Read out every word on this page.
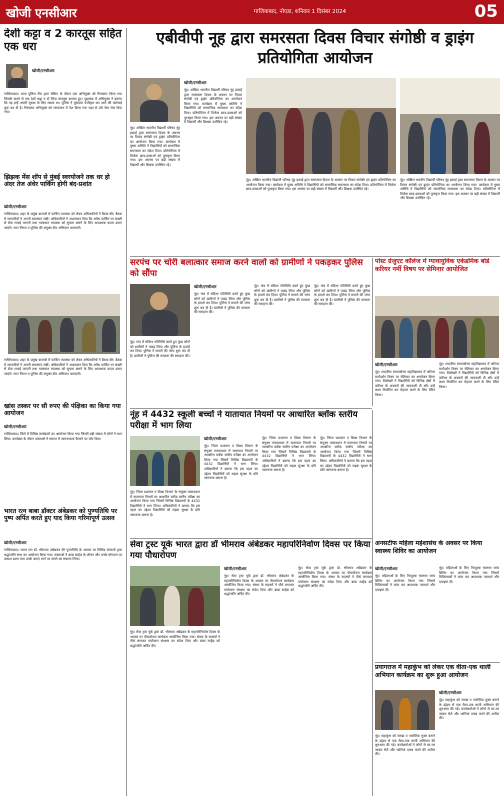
खोजी एनसीआर	गाजियाबाद, नोएडा, शनिवार 1 दिसंबर 2024	05
देशी कट्टा व 2 कारतूस सहित एक धरा
खोजी/एनसीआर
गाजियाबाद। थाना पुलिस टीम द्वारा चेकिंग के दौरान एक अभियुक्त को गिरफ्तार किया गया जिसके कब्जे से एक देशी कट्टा व दो जिंदा कारतूस बरामद हुए। पूछताछ में अभियुक्त ने बताया कि वह इन्हें अपनी सुरक्षा के लिए रखता था। पुलिस ने मुकदमा पंजीकृत कर आगे की कार्रवाई शुरू कर दी है। गिरफ्तार अभियुक्त को न्यायालय में पेश किया गया जहां से उसे जेल भेज दिया गया।
झिझक मेंस शॉप से मुंबई स्वरयोजने तक धर हो अंदर तेज अंधेर पार्किंग होगी बंद-प्रशांत
खोजी/एनसीआर
गाजियाबाद। शहर के प्रमुख बाजारों में पार्किंग व्यवस्था को लेकर अधिकारियों ने बैठक की। बैठक में व्यापारियों ने अपनी समस्याएं रखीं। अधिकारियों ने आश्वासन दिया कि अवैध पार्किंग पर सख्ती से रोक लगाई जाएगी तथा यातायात व्यवस्था को सुचारु बनाने के लिए आवश्यक कदम उठाए जाएंगे। नगर निगम व पुलिस की संयुक्त टीम अभियान चलाएगी।
गाजियाबाद। शहर के प्रमुख बाजारों में पार्किंग व्यवस्था को लेकर अधिकारियों ने बैठक की। बैठक में व्यापारियों ने अपनी समस्याएं रखीं। अधिकारियों ने आश्वासन दिया कि अवैध पार्किंग पर सख्ती से रोक लगाई जाएगी तथा यातायात व्यवस्था को सुचारु बनाने के लिए आवश्यक कदम उठाए जाएंगे। नगर निगम व पुलिस की संयुक्त टीम अभियान चलाएगी।
खांस तस्कर पर सौ रुपए की पंक्षिका का किया गया आयोजन
खोजी/एनसीआर
गाजियाबाद। जिले में विभिन्न कार्यक्रमों का आयोजन किया गया जिसमें बड़ी संख्या में लोगों ने भाग लिया। कार्यक्रम के दौरान वक्ताओं ने समाज में जागरूकता फैलाने पर जोर दिया।
भारत रत्न बाबा डॉक्टर अंबेडकर को पुण्यतिथि पर पुष्प अर्पित करते हुए याद किया गरिमापूर्ण उत्सव
खोजी/एनसीआर
गाजियाबाद। भारत रत्न डॉ. भीमराव अंबेडकर की पुण्यतिथि के अवसर पर विभिन्न संगठनों द्वारा श्रद्धांजलि सभा का आयोजन किया गया। वक्ताओं ने बाबा साहेब के जीवन और उनके योगदान पर प्रकाश डाला तथा उनके बताए मार्ग पर चलने का संकल्प लिया।
एबीवीपी नूह द्वारा समरसता दिवस विचार संगोष्ठी व ड्राइंग प्रतियोगिता आयोजन
खोजी/एनसीआर
नूंह। अखिल भारतीय विद्यार्थी परिषद नूंह इकाई द्वारा समरसता दिवस के अवसर पर विचार संगोष्ठी एवं ड्राइंग प्रतियोगिता का आयोजन किया गया। कार्यक्रम में मुख्य अतिथि ने विद्यार्थियों को सामाजिक समरसता का संदेश दिया। प्रतियोगिता में विजेता छात्र-छात्राओं को पुरस्कृत किया गया। इस अवसर पर बड़ी संख्या में विद्यार्थी और शिक्षक उपस्थित रहे।
नूंह। अखिल भारतीय विद्यार्थी परिषद नूंह इकाई द्वारा समरसता दिवस के अवसर पर विचार संगोष्ठी एवं ड्राइंग प्रतियोगिता का आयोजन किया गया। कार्यक्रम में मुख्य अतिथि ने विद्यार्थियों को सामाजिक समरसता का संदेश दिया। प्रतियोगिता में विजेता छात्र-छात्राओं को पुरस्कृत किया गया। इस अवसर पर बड़ी संख्या में विद्यार्थी और शिक्षक उपस्थित रहे।
नूंह। अखिल भारतीय विद्यार्थी परिषद नूंह इकाई द्वारा समरसता दिवस के अवसर पर विचार संगोष्ठी एवं ड्राइंग प्रतियोगिता का आयोजन किया गया। कार्यक्रम में मुख्य अतिथि ने विद्यार्थियों को सामाजिक समरसता का संदेश दिया। प्रतियोगिता में विजेता छात्र-छात्राओं को पुरस्कृत किया गया। इस अवसर पर बड़ी संख्या में विद्यार्थी और शिक्षक उपस्थित रहे।
नूंह। अखिल भारतीय विद्यार्थी परिषद नूंह इकाई द्वारा समरसता दिवस के अवसर पर विचार संगोष्ठी एवं ड्राइंग प्रतियोगिता का आयोजन किया गया। कार्यक्रम में मुख्य अतिथि ने विद्यार्थियों को सामाजिक समरसता का संदेश दिया। प्रतियोगिता में विजेता छात्र-छात्राओं को पुरस्कृत किया गया। इस अवसर पर बड़ी संख्या में विद्यार्थी और शिक्षक उपस्थित रहे।
सरपंच पर चोरी बलात्कार समाज करने वालों को ग्रामीणों ने पकड़कर पुलिस को सौंपा
खोजी/एनसीआर
नूंह। गांव में संदिग्ध गतिविधि करते हुए कुछ लोगों को ग्रामीणों ने पकड़ लिया और पुलिस के हवाले कर दिया। पुलिस ने मामले की जांच शुरू कर दी है। ग्रामीणों ने पुलिस की तत्परता की सराहना की।
नूंह। गांव में संदिग्ध गतिविधि करते हुए कुछ लोगों को ग्रामीणों ने पकड़ लिया और पुलिस के हवाले कर दिया। पुलिस ने मामले की जांच शुरू कर दी है। ग्रामीणों ने पुलिस की तत्परता की सराहना की।
नूंह। गांव में संदिग्ध गतिविधि करते हुए कुछ लोगों को ग्रामीणों ने पकड़ लिया और पुलिस के हवाले कर दिया। पुलिस ने मामले की जांच शुरू कर दी है। ग्रामीणों ने पुलिस की तत्परता की सराहना की।
नूंह। गांव में संदिग्ध गतिविधि करते हुए कुछ लोगों को ग्रामीणों ने पकड़ लिया और पुलिस के हवाले कर दिया। पुलिस ने मामले की जांच शुरू कर दी है। ग्रामीणों ने पुलिस की तत्परता की सराहना की।
पोस्ट ग्रेजुएट कॉलेज में ग्यावायुविक एकेडमिक बोर्ड करियर नर्मी विषय पर सेमिनार आयोजित
खोजी/एनसीआर
नूंह। राजकीय स्नातकोत्तर महाविद्यालय में करियर मार्गदर्शन विषय पर सेमिनार का आयोजन किया गया। विशेषज्ञों ने विद्यार्थियों को विभिन्न क्षेत्रों में करियर के अवसरों की जानकारी दी और उन्हें लक्ष्य निर्धारित कर मेहनत करने के लिए प्रेरित किया।
नूंह। राजकीय स्नातकोत्तर महाविद्यालय में करियर मार्गदर्शन विषय पर सेमिनार का आयोजन किया गया। विशेषज्ञों ने विद्यार्थियों को विभिन्न क्षेत्रों में करियर के अवसरों की जानकारी दी और उन्हें लक्ष्य निर्धारित कर मेहनत करने के लिए प्रेरित किया।
नूंह में 4432 स्कूली बच्चों ने यातायात नियमों पर आधारित ब्लॉक स्तरीय परीक्षा में भाग लिया
खोजी/एनसीआर
नूंह। जिला प्रशासन व शिक्षा विभाग के संयुक्त तत्वावधान में यातायात नियमों पर आधारित ब्लॉक स्तरीय परीक्षा का आयोजन किया गया जिसमें विभिन्न विद्यालयों के 4432 विद्यार्थियों ने भाग लिया। अधिकारियों ने बताया कि इस पहल का उद्देश्य विद्यार्थियों को सड़क सुरक्षा के प्रति जागरूक बनाना है।
नूंह। जिला प्रशासन व शिक्षा विभाग के संयुक्त तत्वावधान में यातायात नियमों पर आधारित ब्लॉक स्तरीय परीक्षा का आयोजन किया गया जिसमें विभिन्न विद्यालयों के 4432 विद्यार्थियों ने भाग लिया। अधिकारियों ने बताया कि इस पहल का उद्देश्य विद्यार्थियों को सड़क सुरक्षा के प्रति जागरूक बनाना है।
नूंह। जिला प्रशासन व शिक्षा विभाग के संयुक्त तत्वावधान में यातायात नियमों पर आधारित ब्लॉक स्तरीय परीक्षा का आयोजन किया गया जिसमें विभिन्न विद्यालयों के 4432 विद्यार्थियों ने भाग लिया। अधिकारियों ने बताया कि इस पहल का उद्देश्य विद्यार्थियों को सड़क सुरक्षा के प्रति जागरूक बनाना है।
नूंह। जिला प्रशासन व शिक्षा विभाग के संयुक्त तत्वावधान में यातायात नियमों पर आधारित ब्लॉक स्तरीय परीक्षा का आयोजन किया गया जिसमें विभिन्न विद्यालयों के 4432 विद्यार्थियों ने भाग लिया। अधिकारियों ने बताया कि इस पहल का उद्देश्य विद्यार्थियों को सड़क सुरक्षा के प्रति जागरूक बनाना है।
अनसर्टीफ महिला महेशासंध के अवसर पर किया स्वास्थ्य शिविर का आयोजन
खोजी/एनसीआर
नूंह। महिलाओं के लिए निःशुल्क स्वास्थ्य जांच शिविर का आयोजन किया गया जिसमें चिकित्सकों ने जांच कर आवश्यक परामर्श और दवाइयां दीं।
नूंह। महिलाओं के लिए निःशुल्क स्वास्थ्य जांच शिविर का आयोजन किया गया जिसमें चिकित्सकों ने जांच कर आवश्यक परामर्श और दवाइयां दीं।
सेवा ट्रस्ट यूके भारत द्वारा डॉ भीमराव अंबेडकर महापरिनिर्वाण दिवस पर किया गया पौधारोपण
खोजी/एनसीआर
नूंह। सेवा ट्रस्ट यूके द्वारा डॉ. भीमराव अंबेडकर के महापरिनिर्वाण दिवस के अवसर पर पौधारोपण कार्यक्रम आयोजित किया गया। संस्था के सदस्यों ने पौधे लगाकर पर्यावरण संरक्षण का संदेश दिया और बाबा साहेब को श्रद्धांजलि अर्पित की।
नूंह। सेवा ट्रस्ट यूके द्वारा डॉ. भीमराव अंबेडकर के महापरिनिर्वाण दिवस के अवसर पर पौधारोपण कार्यक्रम आयोजित किया गया। संस्था के सदस्यों ने पौधे लगाकर पर्यावरण संरक्षण का संदेश दिया और बाबा साहेब को श्रद्धांजलि अर्पित की।
नूंह। सेवा ट्रस्ट यूके द्वारा डॉ. भीमराव अंबेडकर के महापरिनिर्वाण दिवस के अवसर पर पौधारोपण कार्यक्रम आयोजित किया गया। संस्था के सदस्यों ने पौधे लगाकर पर्यावरण संरक्षण का संदेश दिया और बाबा साहेब को श्रद्धांजलि अर्पित की।
प्रयागराज में महाकुंभ को लेकर एक वीता-एक थाली अभियान कार्यक्रम का शुरू हुआ आयोजन
खोजी/एनसीआर
नूंह। महाकुंभ को स्वच्छ व प्लास्टिक मुक्त बनाने के उद्देश्य से एक थैला-एक थाली अभियान की शुरुआत की गई। कार्यकर्ताओं ने लोगों से घर-घर जाकर थैले और थालियां एकत्र करने की अपील की।
नूंह। महाकुंभ को स्वच्छ व प्लास्टिक मुक्त बनाने के उद्देश्य से एक थैला-एक थाली अभियान की शुरुआत की गई। कार्यकर्ताओं ने लोगों से घर-घर जाकर थैले और थालियां एकत्र करने की अपील की।
